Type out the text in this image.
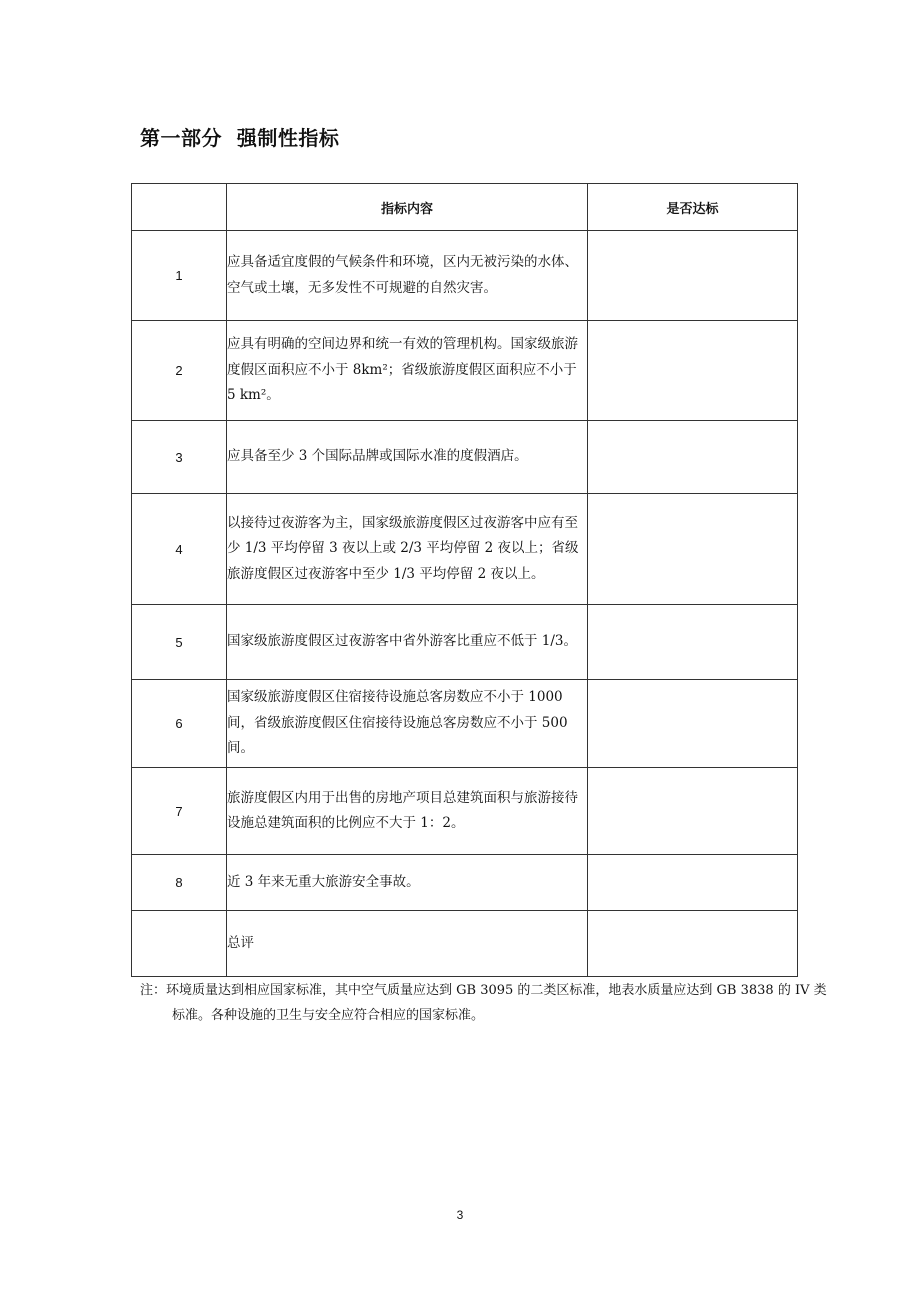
第一部分  强制性指标
	指标内容	是否达标
1	应具备适宜度假的气候条件和环境，区内无被污染的水体、空气或土壤，无多发性不可规避的自然灾害。	
2	应具有明确的空间边界和统一有效的管理机构。国家级旅游度假区面积应不小于 8km²；省级旅游度假区面积应不小于 5 km²。	
3	应具备至少 3 个国际品牌或国际水准的度假酒店。	
4	以接待过夜游客为主，国家级旅游度假区过夜游客中应有至少 1/3 平均停留 3 夜以上或 2/3 平均停留 2 夜以上；省级旅游度假区过夜游客中至少 1/3 平均停留 2 夜以上。	
5	国家级旅游度假区过夜游客中省外游客比重应不低于 1/3。	
6	国家级旅游度假区住宿接待设施总客房数应不小于 1000 间，省级旅游度假区住宿接待设施总客房数应不小于 500 间。	
7	旅游度假区内用于出售的房地产项目总建筑面积与旅游接待设施总建筑面积的比例应不大于 1：2。	
8	近 3 年来无重大旅游安全事故。	
	总评	
注：环境质量达到相应国家标准，其中空气质量应达到 GB 3095 的二类区标准，地表水质量应达到 GB 3838 的 IV 类标准。各种设施的卫生与安全应符合相应的国家标准。
3
